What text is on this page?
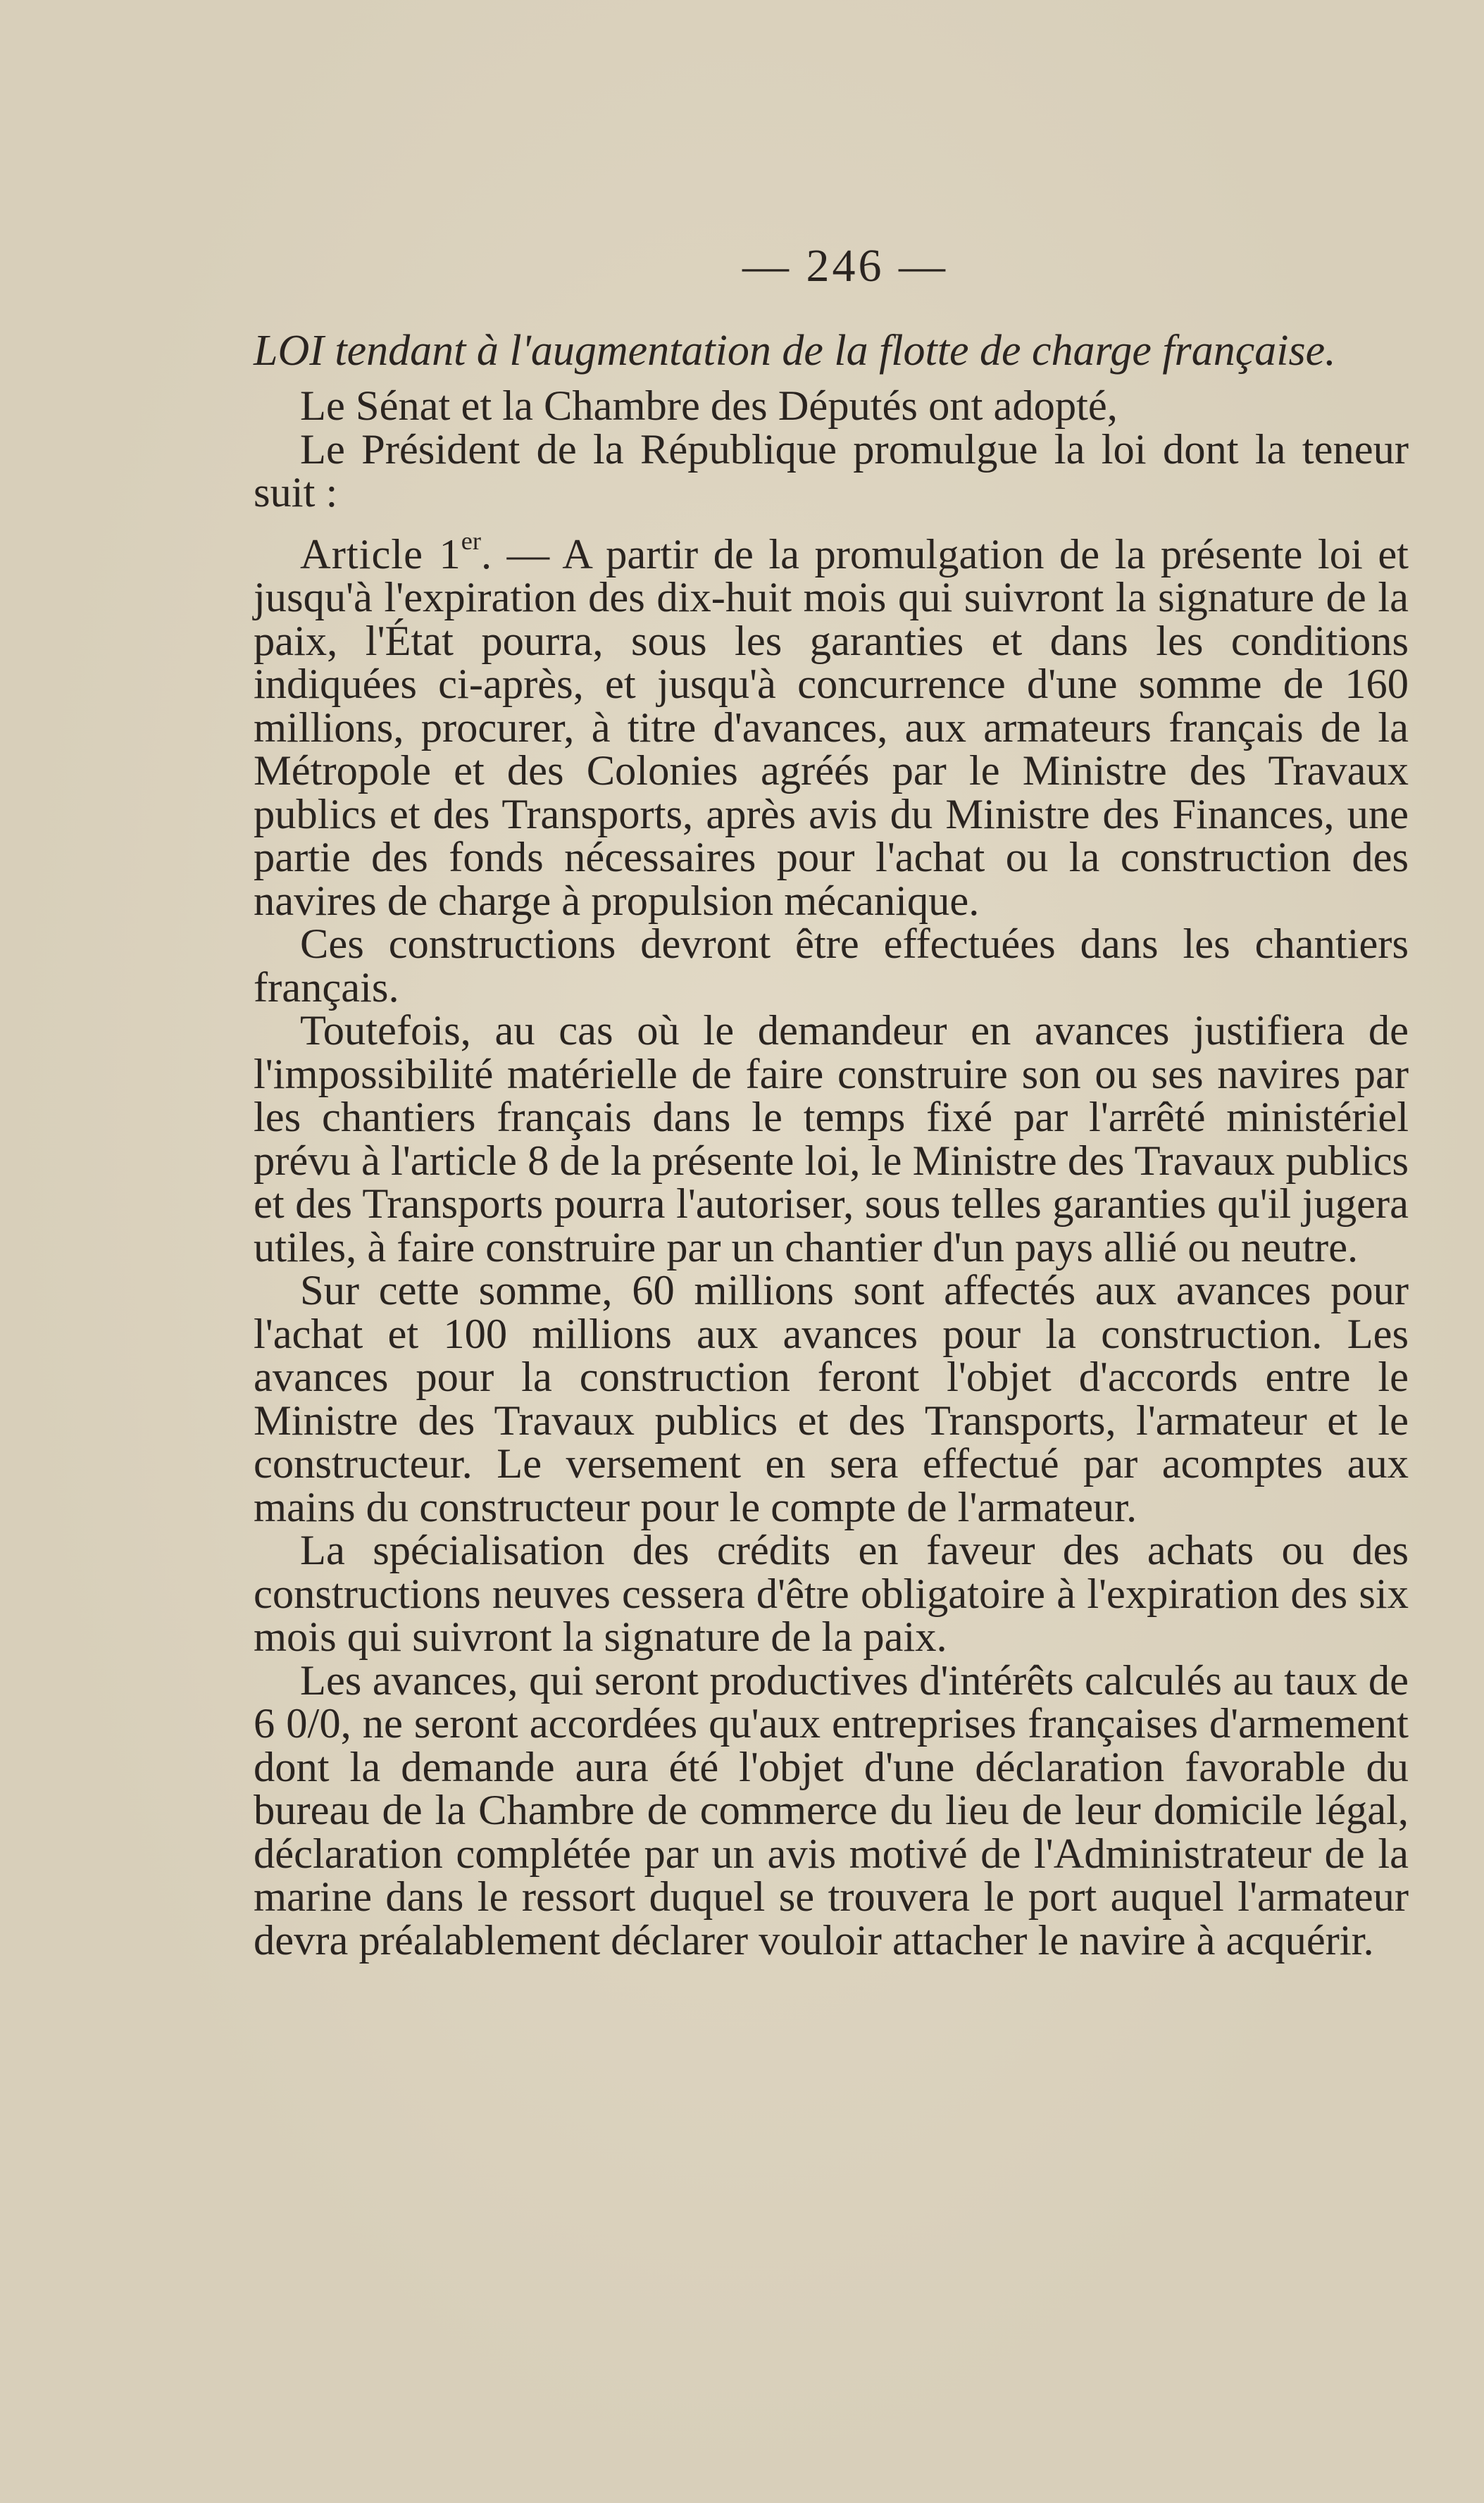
— 246 —
LOI tendant à l'augmentation de la flotte de charge française.

Le Sénat et la Chambre des Députés ont adopté,

Le Président de la République promulgue la loi dont la teneur suit :

Article 1er. — A partir de la promulgation de la présente loi et jusqu'à l'expiration des dix-huit mois qui suivront la signature de la paix, l'État pourra, sous les garanties et dans les conditions indiquées ci-après, et jusqu'à concurrence d'une somme de 160 millions, procurer, à titre d'avances, aux armateurs français de la Métropole et des Colonies agréés par le Ministre des Travaux publics et des Transports, après avis du Ministre des Finances, une partie des fonds nécessaires pour l'achat ou la construction des navires de charge à propulsion mécanique.

Ces constructions devront être effectuées dans les chantiers français.

Toutefois, au cas où le demandeur en avances justifiera de l'impossibilité matérielle de faire construire son ou ses navires par les chantiers français dans le temps fixé par l'arrêté ministériel prévu à l'article 8 de la présente loi, le Ministre des Travaux publics et des Transports pourra l'autoriser, sous telles garanties qu'il jugera utiles, à faire construire par un chantier d'un pays allié ou neutre.

Sur cette somme, 60 millions sont affectés aux avances pour l'achat et 100 millions aux avances pour la construction. Les avances pour la construction feront l'objet d'accords entre le Ministre des Travaux publics et des Transports, l'armateur et le constructeur. Le versement en sera effectué par acomptes aux mains du constructeur pour le compte de l'armateur.

La spécialisation des crédits en faveur des achats ou des constructions neuves cessera d'être obligatoire à l'expiration des six mois qui suivront la signature de la paix.

Les avances, qui seront productives d'intérêts calculés au taux de 6 0/0, ne seront accordées qu'aux entreprises françaises d'armement dont la demande aura été l'objet d'une déclaration favorable du bureau de la Chambre de commerce du lieu de leur domicile légal, déclaration complétée par un avis motivé de l'Administrateur de la marine dans le ressort duquel se trouvera le port auquel l'armateur devra préalablement déclarer vouloir attacher le navire à acquérir.
